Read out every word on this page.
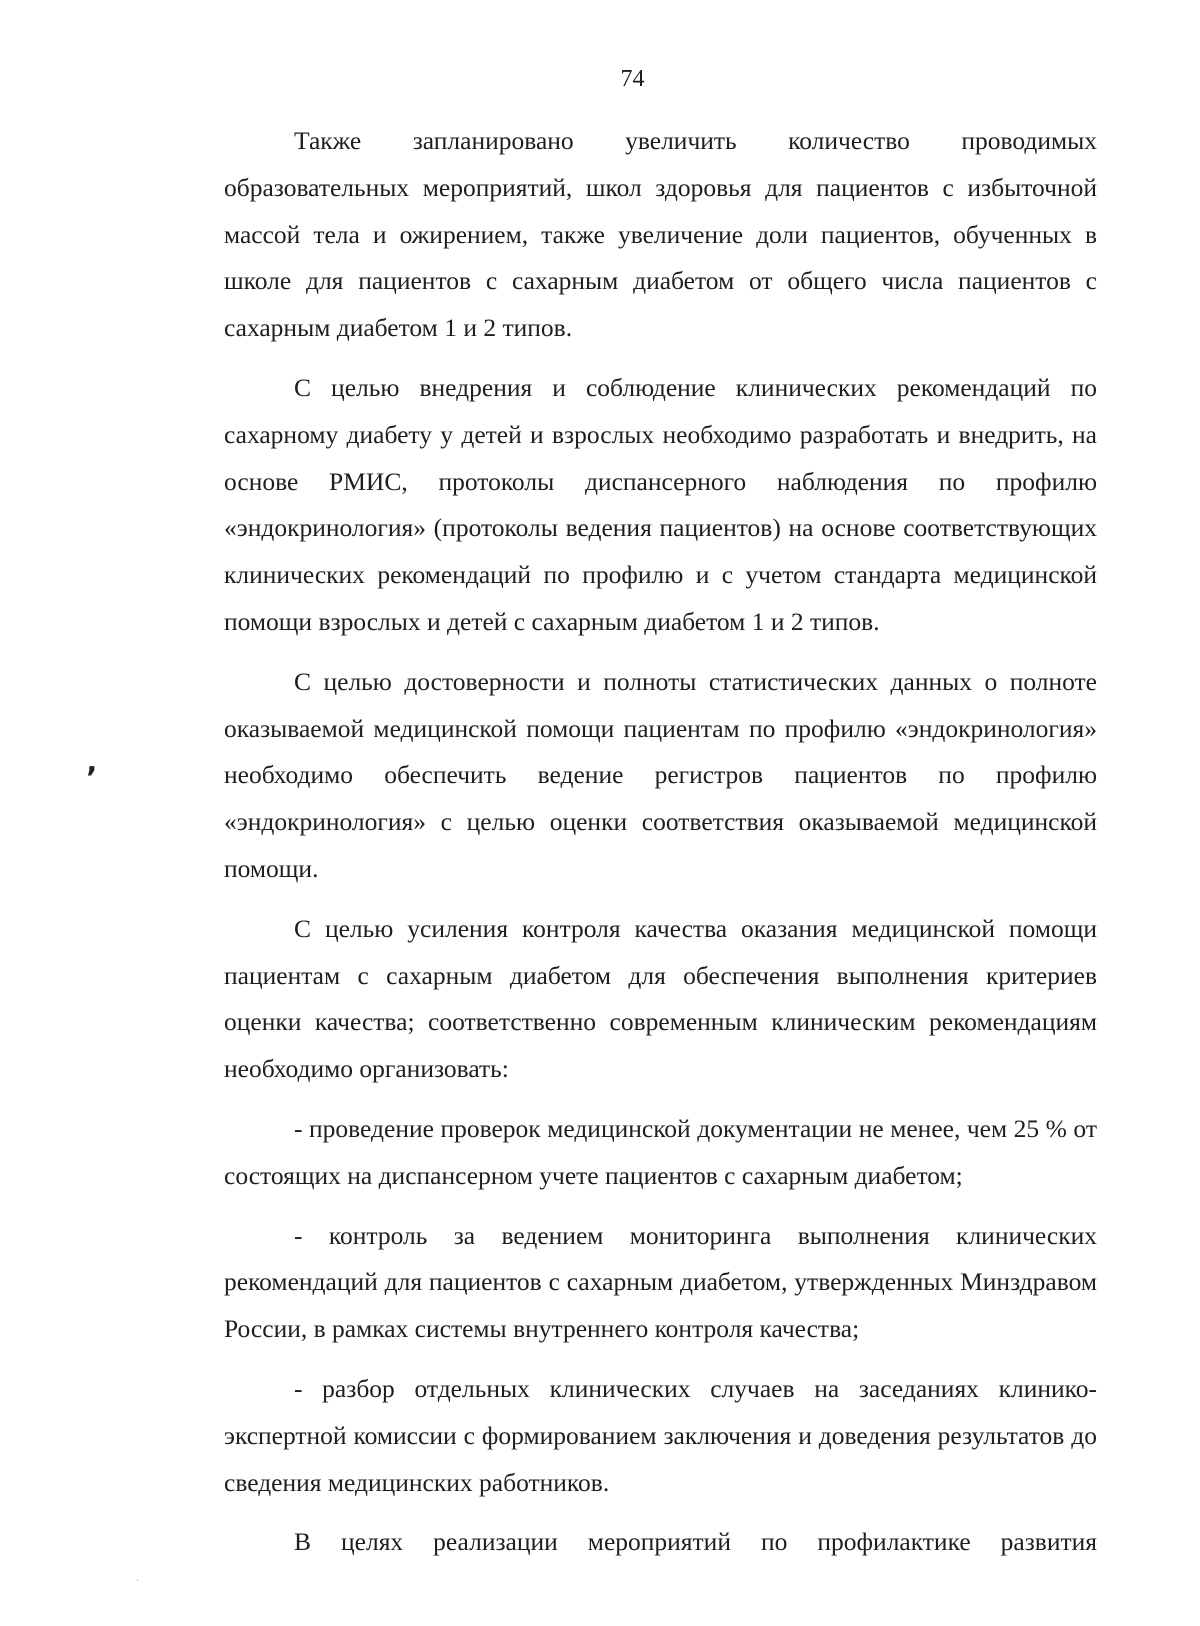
74

Также запланировано увеличить количество проводимых образовательных мероприятий, школ здоровья для пациентов с избыточной массой тела и ожирением, также увеличение доли пациентов, обученных в школе для пациентов с сахарным диабетом от общего числа пациентов с сахарным диабетом 1 и 2 типов.

С целью внедрения и соблюдение клинических рекомендаций по сахарному диабету у детей и взрослых необходимо разработать и внедрить, на основе РМИС, протоколы диспансерного наблюдения по профилю «эндокринология» (протоколы ведения пациентов) на основе соответствующих клинических рекомендаций по профилю и с учетом стандарта медицинской помощи взрослых и детей с сахарным диабетом 1 и 2 типов.

С целью достоверности и полноты статистических данных о полноте оказываемой медицинской помощи пациентам по профилю «эндокринология» необходимо обеспечить ведение регистров пациентов по профилю «эндокринология» с целью оценки соответствия оказываемой медицинской помощи.

С целью усиления контроля качества оказания медицинской помощи пациентам с сахарным диабетом для обеспечения выполнения критериев оценки качества; соответственно современным клиническим рекомендациям необходимо организовать:

- проведение проверок медицинской документации не менее, чем 25 % от состоящих на диспансерном учете пациентов с сахарным диабетом;

- контроль за ведением мониторинга выполнения клинических рекомендаций для пациентов с сахарным диабетом, утвержденных Минздравом России, в рамках системы внутреннего контроля качества;

- разбор отдельных клинических случаев на заседаниях клинико-экспертной комиссии с формированием заключения и доведения результатов до сведения медицинских работников.

В целях реализации мероприятий по профилактике развития

’
·
